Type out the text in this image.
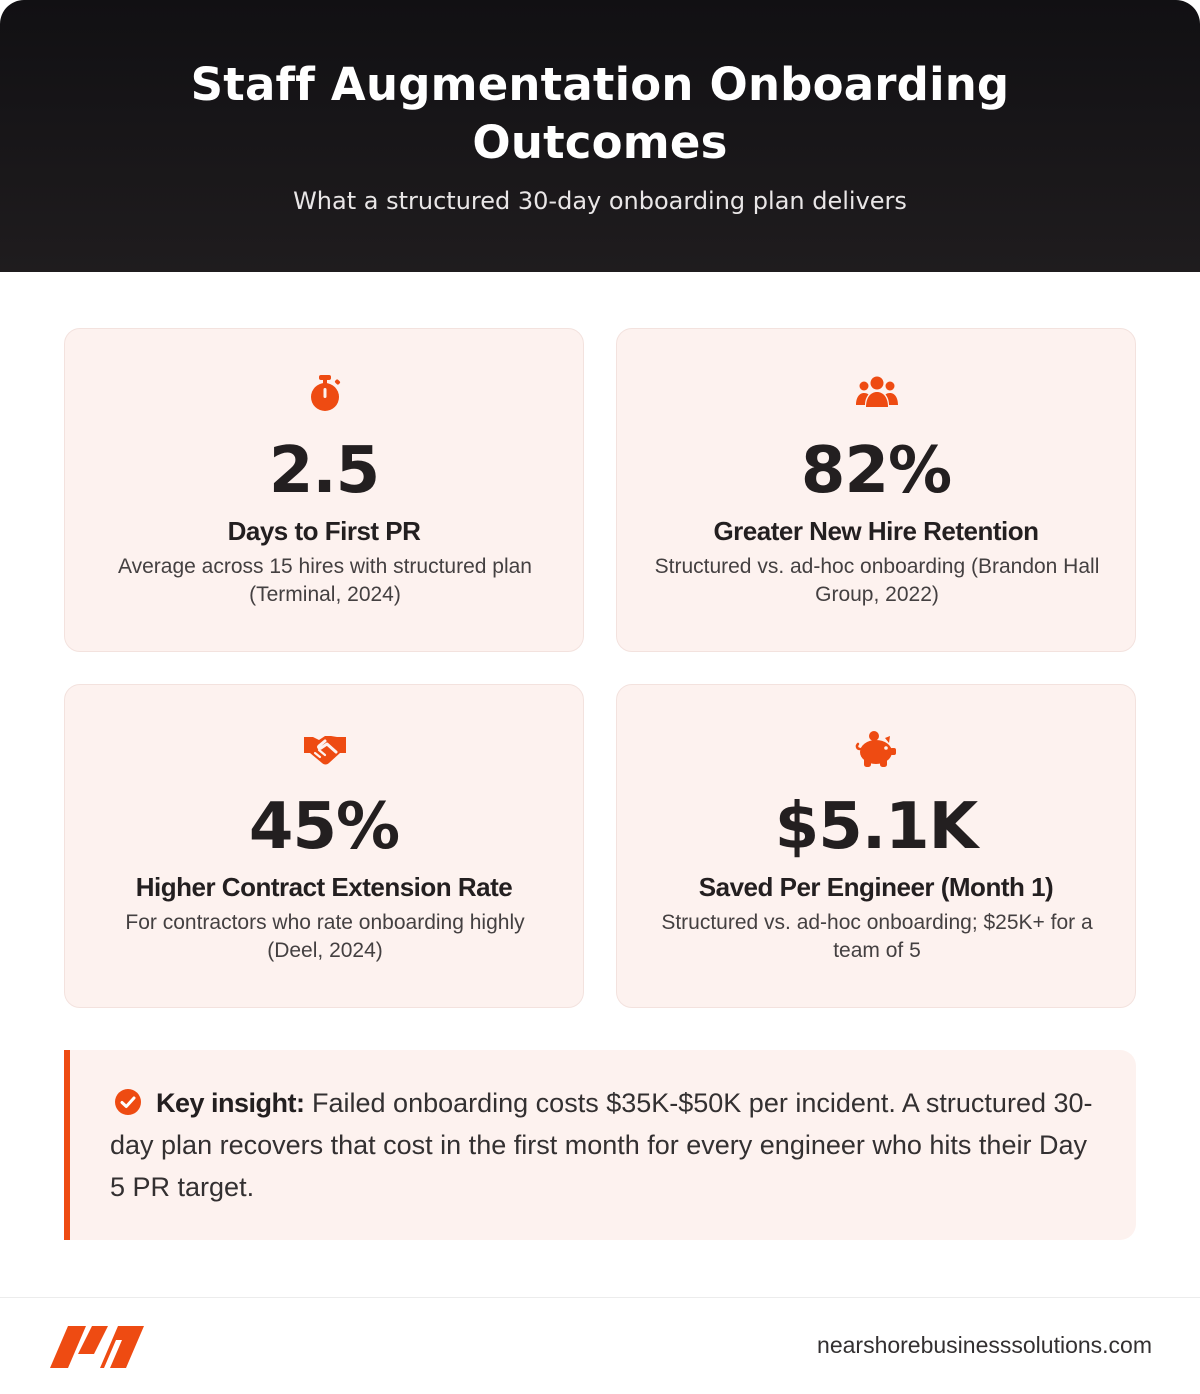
Staff Augmentation Onboarding Outcomes
What a structured 30-day onboarding plan delivers
2.5
Days to First PR
Average across 15 hires with structured plan (Terminal, 2024)
82%
Greater New Hire Retention
Structured vs. ad-hoc onboarding (Brandon Hall Group, 2022)
45%
Higher Contract Extension Rate
For contractors who rate onboarding highly (Deel, 2024)
$5.1K
Saved Per Engineer (Month 1)
Structured vs. ad-hoc onboarding; $25K+ for a team of 5
Key insight: Failed onboarding costs $35K-$50K per incident. A structured 30-day plan recovers that cost in the first month for every engineer who hits their Day 5 PR target.
nearshorebusinesssolutions.com
